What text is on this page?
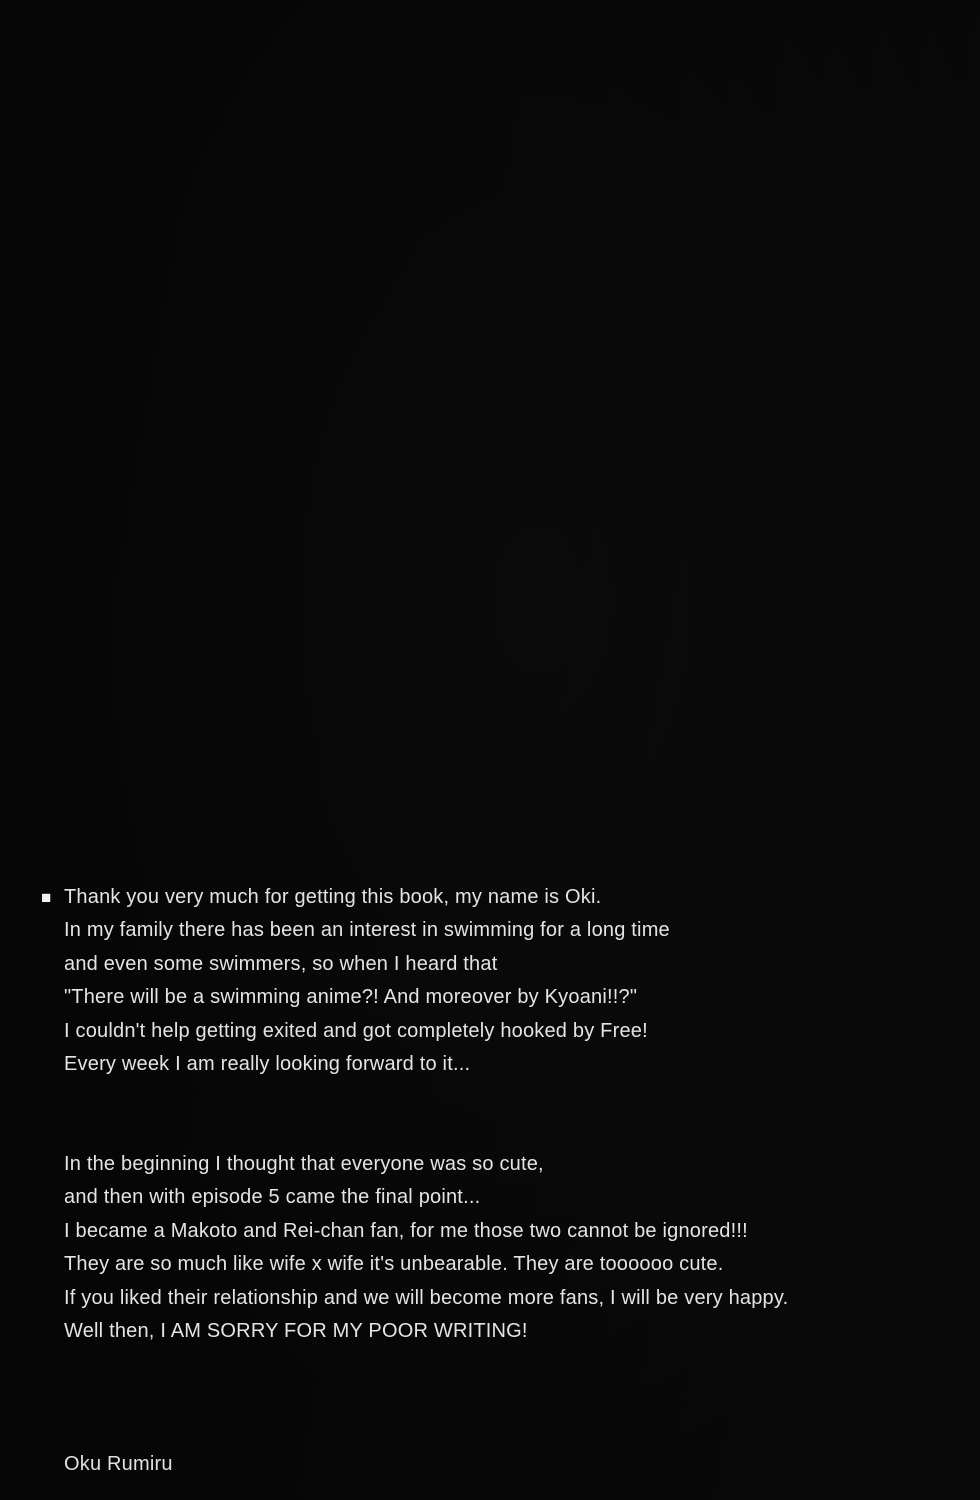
■ Thank you very much for getting this book, my name is Oki.
In my family there has been an interest in swimming for a long time
and even some swimmers, so when I heard that
"There will be a swimming anime?! And moreover by Kyoani!!?"
I couldn't help getting exited and got completely hooked by Free!
Every week I am really looking forward to it...
In the beginning I thought that everyone was so cute,
and then with episode 5 came the final point...
I became a Makoto and Rei-chan fan, for me those two cannot be ignored!!!
They are so much like wife x wife it's unbearable. They are toooooo cute.
If you liked their relationship and we will become more fans, I will be very happy.
Well then, I AM SORRY FOR MY POOR WRITING!
Oku Rumiru
